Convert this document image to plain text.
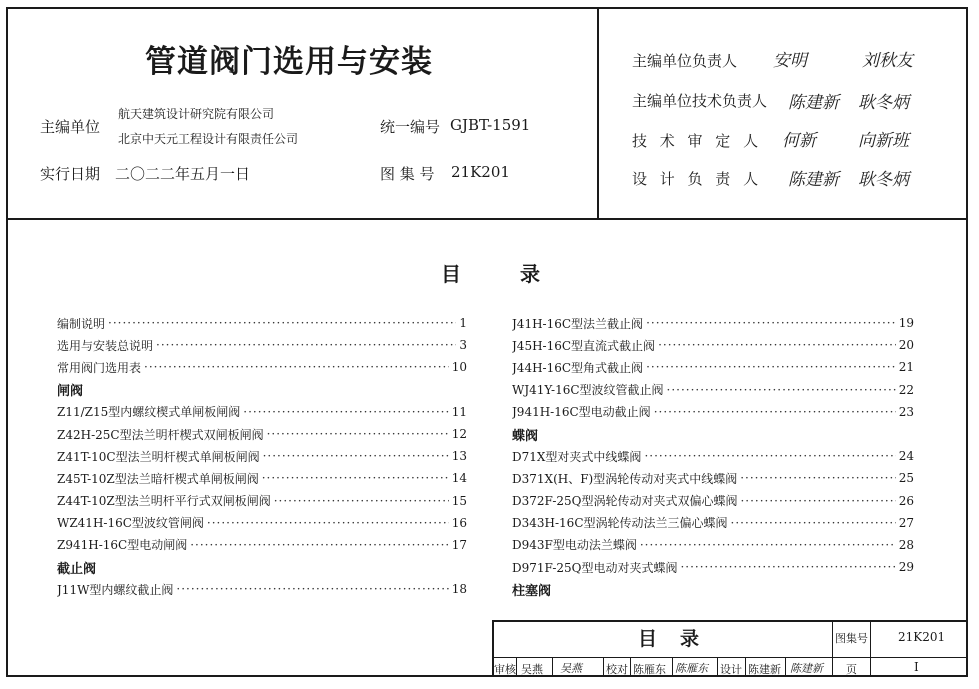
管道阀门选用与安装
主编单位
航天建筑设计研究院有限公司
北京中天元工程设计有限责任公司
统一编号 GJBT-1591
实行日期 二〇二二年五月一日	图 集 号 21K201
主编单位负责人 安明	刘秋友
主编单位技术负责人 陈建新 耿冬炳
技 术 审 定 人 何新 向新班
设 计 负 责 人 陈建新 耿冬炳
目	录
编制说明 ·····	1
选用与安装总说明 ·····	3
常用阀门选用表 ·····	10
闸阀
Z11/Z15型内螺纹楔式单闸板闸阀 ·····	11
Z42H-25C型法兰明杆楔式双闸板闸阀 ·····	12
Z41T-10C型法兰明杆楔式单闸板闸阀 ·····	13
Z45T-10Z型法兰暗杆楔式单闸板闸阀 ·····	14
Z44T-10Z型法兰明杆平行式双闸板闸阀 ·····	15
WZ41H-16C型波纹管闸阀 ·····	16
Z941H-16C型电动闸阀 ·····	17
截止阀
J11W型内螺纹截止阀 ·····	18
J41H-16C型法兰截止阀 ·····	19
J45H-16C型直流式截止阀 ·····	20
J44H-16C型角式截止阀 ·····	21
WJ41Y-16C型波纹管截止阀 ·····	22
J941H-16C型电动截止阀 ·····	23
蝶阀
D71X型对夹式中线蝶阀 ·····	24
D371X(H、F)型涡轮传动对夹式中线蝶阀 ·····	25
D372F-25Q型涡轮传动对夹式双偏心蝶阀 ·····	26
D343H-16C型涡轮传动法兰三偏心蝶阀 ·····	27
D943F型电动法兰蝶阀 ·····	28
D971F-25Q型电动对夹式蝶阀 ·····	29
柱塞阀
目 录	图集号	21K201
页	I
审核 吴燕 吴燕 校对 陈雁东 陈雁东 设计 陈建新 陈建新
